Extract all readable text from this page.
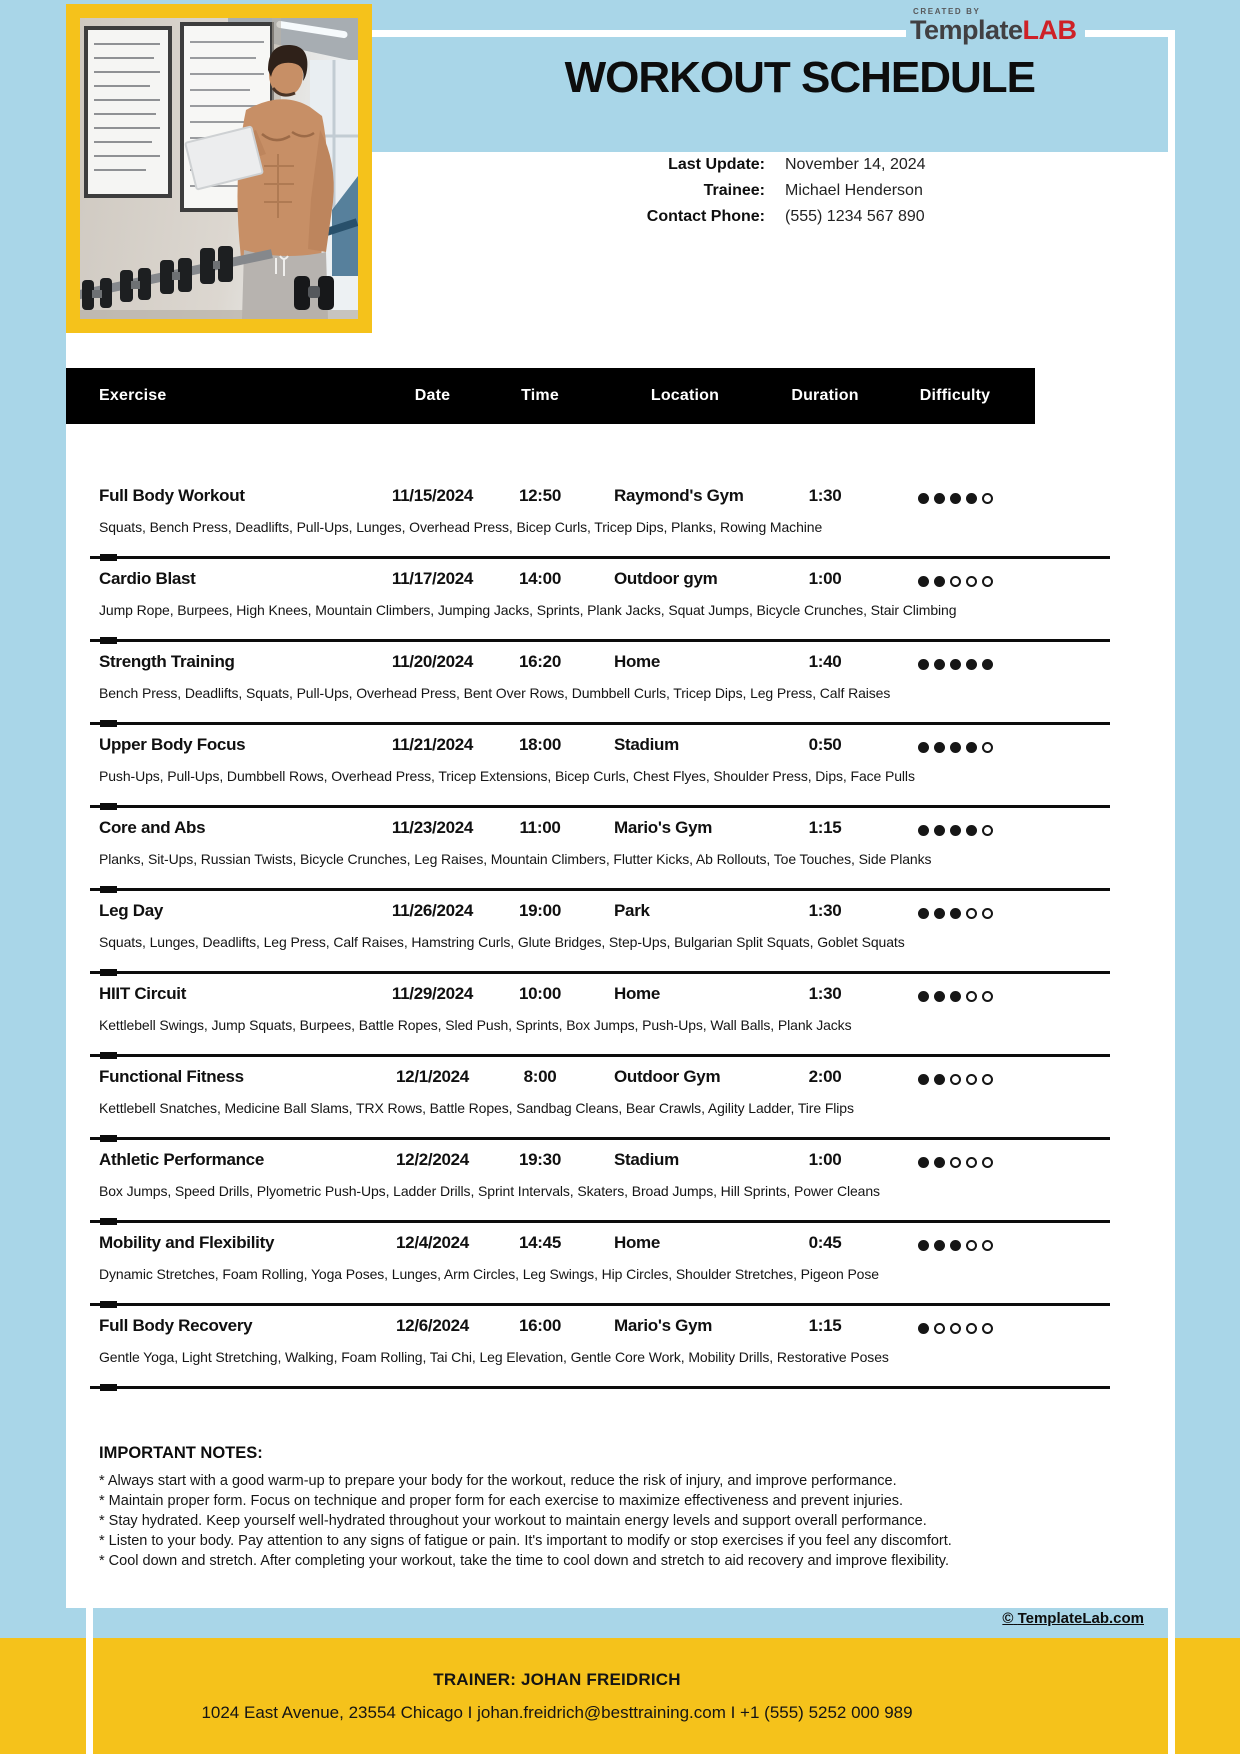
TRAINER: JOHAN FREIDRICH
1024 East Avenue, 23554 Chicago I johan.freidrich@besttraining.com I +1 (555) 5252 000 989
CREATED BY
TemplateLAB
WORKOUT SCHEDULE
Last Update: November 14, 2024
Trainee: Michael Henderson
Contact Phone: (555) 1234 567 890
Exercise	Date	Time	Location	Duration	Difficulty
Full Body Workout	11/15/2024	12:50	Raymond's Gym	1:30
Squats, Bench Press, Deadlifts, Pull-Ups, Lunges, Overhead Press, Bicep Curls, Tricep Dips, Planks, Rowing Machine
Cardio Blast	11/17/2024	14:00	Outdoor gym	1:00
Jump Rope, Burpees, High Knees, Mountain Climbers, Jumping Jacks, Sprints, Plank Jacks, Squat Jumps, Bicycle Crunches, Stair Climbing
Strength Training	11/20/2024	16:20	Home	1:40
Bench Press, Deadlifts, Squats, Pull-Ups, Overhead Press, Bent Over Rows, Dumbbell Curls, Tricep Dips, Leg Press, Calf Raises
Upper Body Focus	11/21/2024	18:00	Stadium	0:50
Push-Ups, Pull-Ups, Dumbbell Rows, Overhead Press, Tricep Extensions, Bicep Curls, Chest Flyes, Shoulder Press, Dips, Face Pulls
Core and Abs	11/23/2024	11:00	Mario's Gym	1:15
Planks, Sit-Ups, Russian Twists, Bicycle Crunches, Leg Raises, Mountain Climbers, Flutter Kicks, Ab Rollouts, Toe Touches, Side Planks
Leg Day	11/26/2024	19:00	Park	1:30
Squats, Lunges, Deadlifts, Leg Press, Calf Raises, Hamstring Curls, Glute Bridges, Step-Ups, Bulgarian Split Squats, Goblet Squats
HIIT Circuit	11/29/2024	10:00	Home	1:30
Kettlebell Swings, Jump Squats, Burpees, Battle Ropes, Sled Push, Sprints, Box Jumps, Push-Ups, Wall Balls, Plank Jacks
Functional Fitness	12/1/2024	8:00	Outdoor Gym	2:00
Kettlebell Snatches, Medicine Ball Slams, TRX Rows, Battle Ropes, Sandbag Cleans, Bear Crawls, Agility Ladder, Tire Flips
Athletic Performance	12/2/2024	19:30	Stadium	1:00
Box Jumps, Speed Drills, Plyometric Push-Ups, Ladder Drills, Sprint Intervals, Skaters, Broad Jumps, Hill Sprints, Power Cleans
Mobility and Flexibility	12/4/2024	14:45	Home	0:45
Dynamic Stretches, Foam Rolling, Yoga Poses, Lunges, Arm Circles, Leg Swings, Hip Circles, Shoulder Stretches, Pigeon Pose
Full Body Recovery	12/6/2024	16:00	Mario's Gym	1:15
Gentle Yoga, Light Stretching, Walking, Foam Rolling, Tai Chi, Leg Elevation, Gentle Core Work, Mobility Drills, Restorative Poses
IMPORTANT NOTES:
* Always start with a good warm-up to prepare your body for the workout, reduce the risk of injury, and improve performance.
* Maintain proper form. Focus on technique and proper form for each exercise to maximize effectiveness and prevent injuries.
* Stay hydrated. Keep yourself well-hydrated throughout your workout to maintain energy levels and support overall performance.
* Listen to your body. Pay attention to any signs of fatigue or pain. It's important to modify or stop exercises if you feel any discomfort.
* Cool down and stretch. After completing your workout, take the time to cool down and stretch to aid recovery and improve flexibility.
© TemplateLab.com
